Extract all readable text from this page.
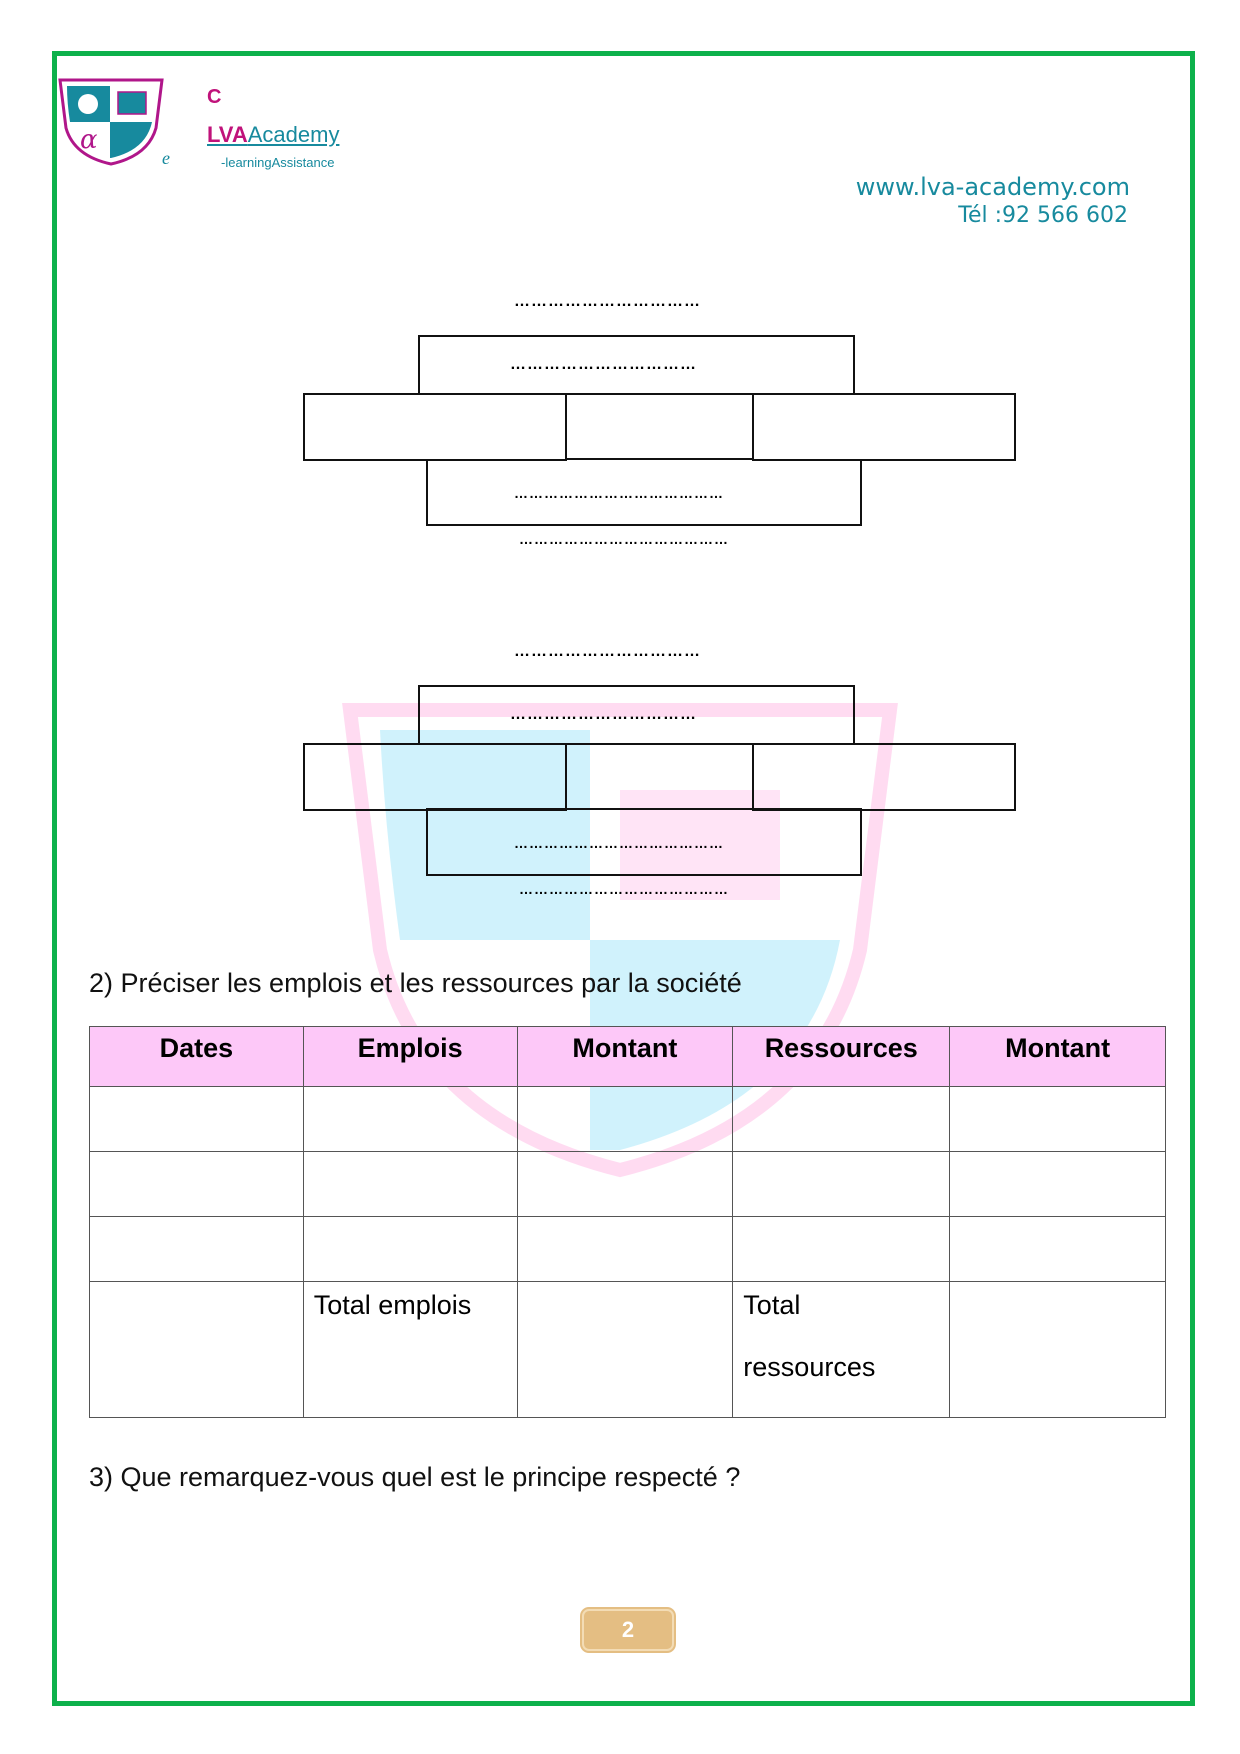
α
e
C
LVAAcademy
-learningAssistance
www.lva-academy.com
Tél :92 566 602
……………………………
……………………………
……………………………………
……………………………………
……………………………
……………………………
……………………………………
……………………………………
2) Préciser les emplois et les ressources par la société
Dates	Emplois	Montant	Ressources	Montant

	Total emplois		Total
ressources	

3) Que remarquez-vous quel est le principe respecté ?
2
